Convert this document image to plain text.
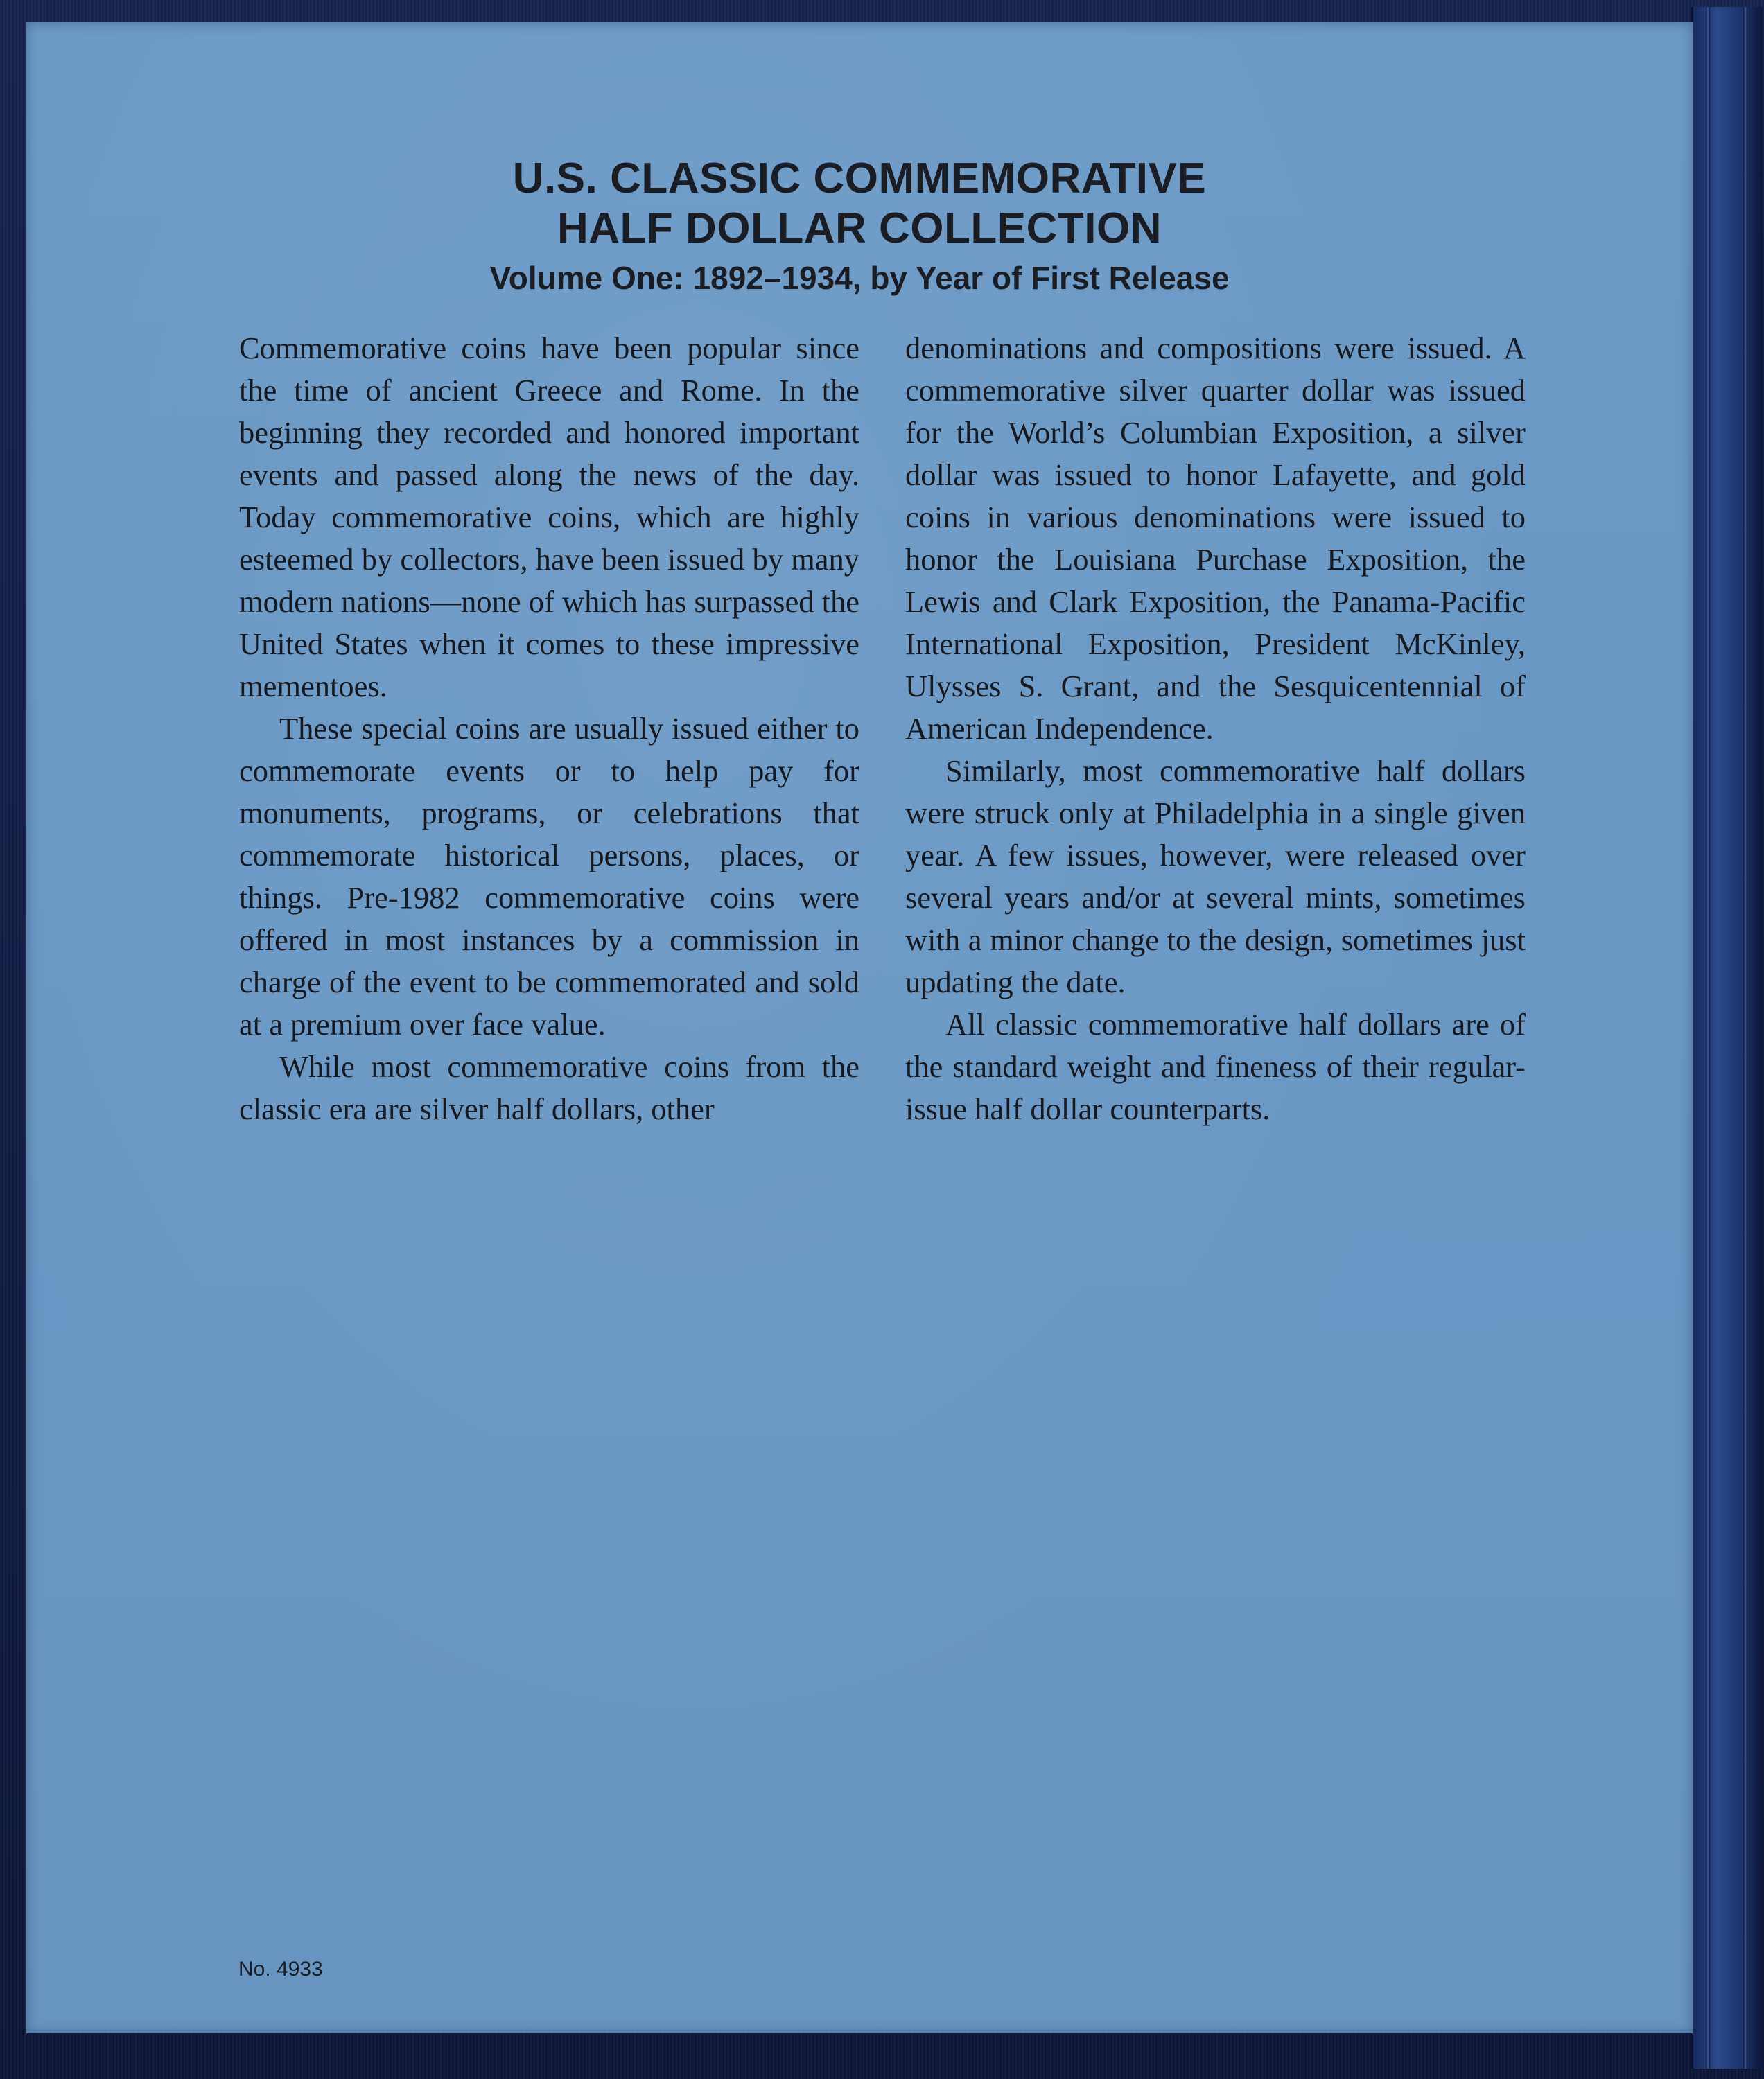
U.S. CLASSIC COMMEMORATIVE
HALF DOLLAR COLLECTION
Volume One: 1892–1934, by Year of First Release

Commemorative coins have been popular since the time of ancient Greece and Rome. In the beginning they recorded and honored important events and passed along the news of the day. Today commemorative coins, which are highly esteemed by collectors, have been issued by many modern nations—none of which has surpassed the United States when it comes to these impressive mementoes.

These special coins are usually issued either to commemorate events or to help pay for monuments, programs, or celebrations that commemorate historical persons, places, or things. Pre-1982 commemorative coins were offered in most instances by a commission in charge of the event to be commemorated and sold at a premium over face value.

While most commemorative coins from the classic era are silver half dollars, other

denominations and compositions were issued. A commemorative silver quarter dollar was issued for the World’s Columbian Exposition, a silver dollar was issued to honor Lafayette, and gold coins in various denominations were issued to honor the Louisiana Purchase Exposition, the Lewis and Clark Exposition, the Panama-Pacific International Exposition, President McKinley, Ulysses S. Grant, and the Sesquicentennial of American Independence.

Similarly, most commemorative half dollars were struck only at Philadelphia in a single given year. A few issues, however, were released over several years and/or at several mints, sometimes with a minor change to the design, sometimes just updating the date.

All classic commemorative half dollars are of the standard weight and fineness of their regular-issue half dollar counterparts.

No. 4933
